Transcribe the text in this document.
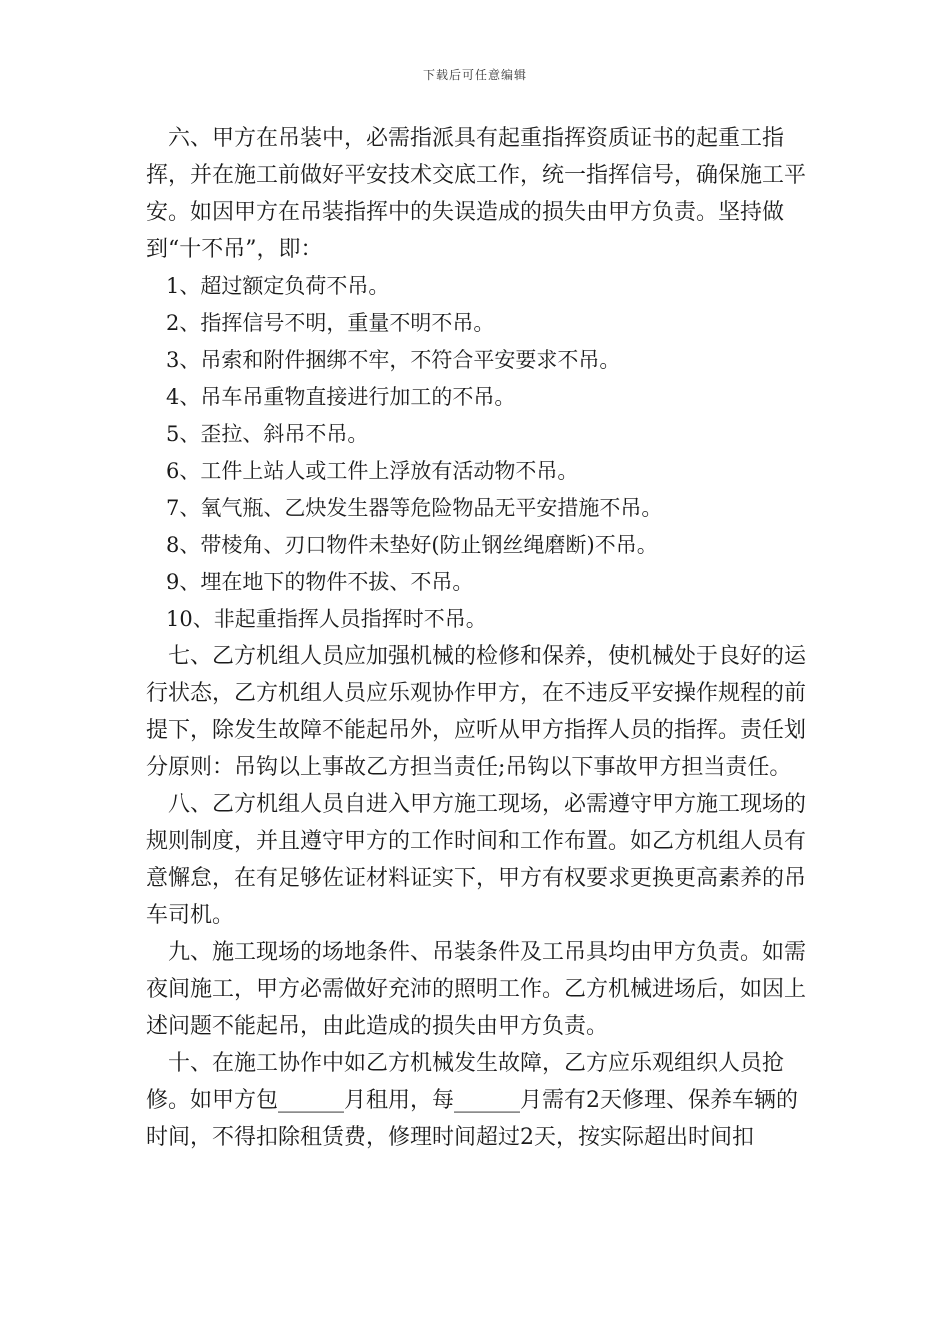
下载后可任意编辑

六、甲方在吊装中，必需指派具有起重指挥资质证书的起重工指挥，并在施工前做好平安技术交底工作，统一指挥信号，确保施工平安。如因甲方在吊装指挥中的失误造成的损失由甲方负责。坚持做到“十不吊”，即：

1、超过额定负荷不吊。

2、指挥信号不明，重量不明不吊。

3、吊索和附件捆绑不牢，不符合平安要求不吊。

4、吊车吊重物直接进行加工的不吊。

5、歪拉、斜吊不吊。

6、工件上站人或工件上浮放有活动物不吊。

7、氧气瓶、乙炔发生器等危险物品无平安措施不吊。

8、带棱角、刃口物件未垫好(防止钢丝绳磨断)不吊。

9、埋在地下的物件不拔、不吊。

10、非起重指挥人员指挥时不吊。

七、乙方机组人员应加强机械的检修和保养，使机械处于良好的运行状态，乙方机组人员应乐观协作甲方，在不违反平安操作规程的前提下，除发生故障不能起吊外，应听从甲方指挥人员的指挥。责任划分原则：吊钩以上事故乙方担当责任;吊钩以下事故甲方担当责任。

八、乙方机组人员自进入甲方施工现场，必需遵守甲方施工现场的规则制度，并且遵守甲方的工作时间和工作布置。如乙方机组人员有意懈怠，在有足够佐证材料证实下，甲方有权要求更换更高素养的吊车司机。

九、施工现场的场地条件、吊装条件及工吊具均由甲方负责。如需夜间施工，甲方必需做好充沛的照明工作。乙方机械进场后，如因上述问题不能起吊，由此造成的损失由甲方负责。

十、在施工协作中如乙方机械发生故障，乙方应乐观组织人员抢修。如甲方包______月租用，每______月需有2天修理、保养车辆的时间，不得扣除租赁费，修理时间超过2天，按实际超出时间扣
